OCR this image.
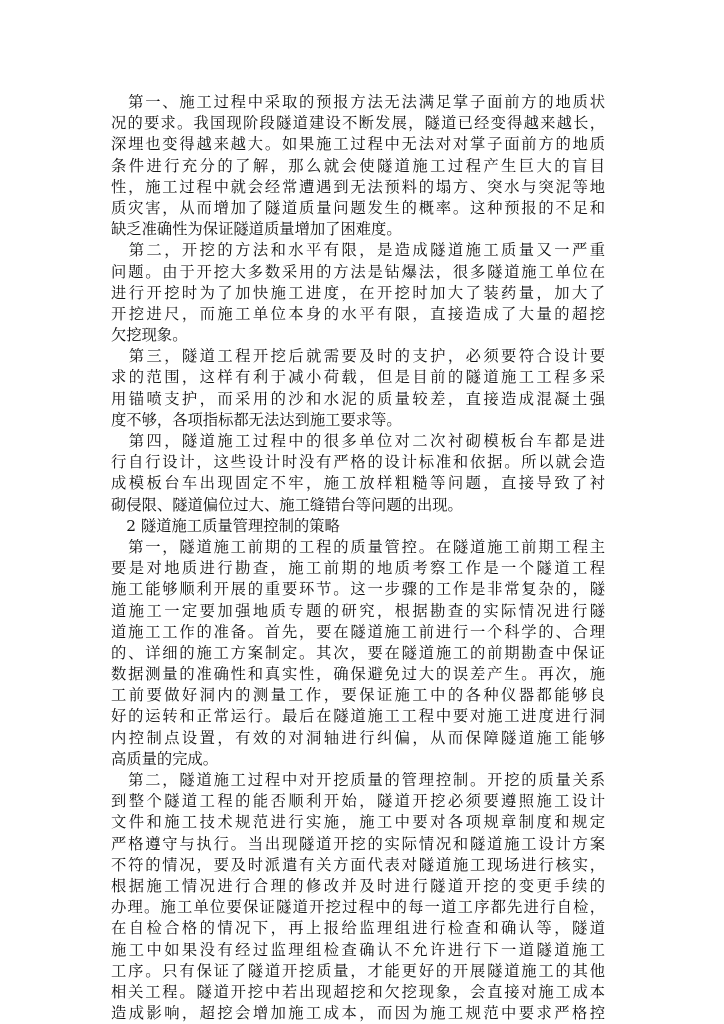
　第一、施工过程中采取的预报方法无法满足掌子面前方的地质状
况的要求。我国现阶段隧道建设不断发展，隧道已经变得越来越长，
深埋也变得越来越大。如果施工过程中无法对对掌子面前方的地质
条件进行充分的了解，那么就会使隧道施工过程产生巨大的盲目
性，施工过程中就会经常遭遇到无法预料的塌方、突水与突泥等地
质灾害，从而增加了隧道质量问题发生的概率。这种预报的不足和
缺乏准确性为保证隧道质量增加了困难度。
　第二，开挖的方法和水平有限，是造成隧道施工质量又一严重
问题。由于开挖大多数采用的方法是钻爆法，很多隧道施工单位在
进行开挖时为了加快施工进度，在开挖时加大了装药量，加大了
开挖进尺，而施工单位本身的水平有限，直接造成了大量的超挖
欠挖现象。
　第三，隧道工程开挖后就需要及时的支护，必须要符合设计要
求的范围，这样有利于减小荷载，但是目前的隧道施工工程多采
用锚喷支护，而采用的沙和水泥的质量较差，直接造成混凝土强
度不够，各项指标都无法达到施工要求等。
　第四，隧道施工过程中的很多单位对二次衬砌模板台车都是进
行自行设计，这些设计时没有严格的设计标准和依据。所以就会造
成模板台车出现固定不牢，施工放样粗糙等问题，直接导致了衬
砌侵限、隧道偏位过大、施工缝错台等问题的出现。
　2 隧道施工质量管理控制的策略
　第一，隧道施工前期的工程的质量管控。在隧道施工前期工程主
要是对地质进行勘查，施工前期的地质考察工作是一个隧道工程
施工能够顺利开展的重要环节。这一步骤的工作是非常复杂的，隧
道施工一定要加强地质专题的研究，根据勘查的实际情况进行隧
道施工工作的准备。首先，要在隧道施工前进行一个科学的、合理
的、详细的施工方案制定。其次，要在隧道施工的前期勘查中保证
数据测量的准确性和真实性，确保避免过大的误差产生。再次，施
工前要做好洞内的测量工作，要保证施工中的各种仪器都能够良
好的运转和正常运行。最后在隧道施工工程中要对施工进度进行洞
内控制点设置，有效的对洞轴进行纠偏，从而保障隧道施工能够
高质量的完成。
　第二，隧道施工过程中对开挖质量的管理控制。开挖的质量关系
到整个隧道工程的能否顺利开始，隧道开挖必须要遵照施工设计
文件和施工技术规范进行实施，施工中要对各项规章制度和规定
严格遵守与执行。当出现隧道开挖的实际情况和隧道施工设计方案
不符的情况，要及时派遣有关方面代表对隧道施工现场进行核实，
根据施工情况进行合理的修改并及时进行隧道开挖的变更手续的
办理。施工单位要保证隧道开挖过程中的每一道工序都先进行自检，
在自检合格的情况下，再上报给监理组进行检查和确认等，隧道
施工中如果没有经过监理组检查确认不允许进行下一道隧道施工
工序。只有保证了隧道开挖质量，才能更好的开展隧道施工的其他
相关工程。隧道开挖中若出现超挖和欠挖现象，会直接对施工成本
造成影响，超挖会增加施工成本，而因为施工规范中要求严格控
